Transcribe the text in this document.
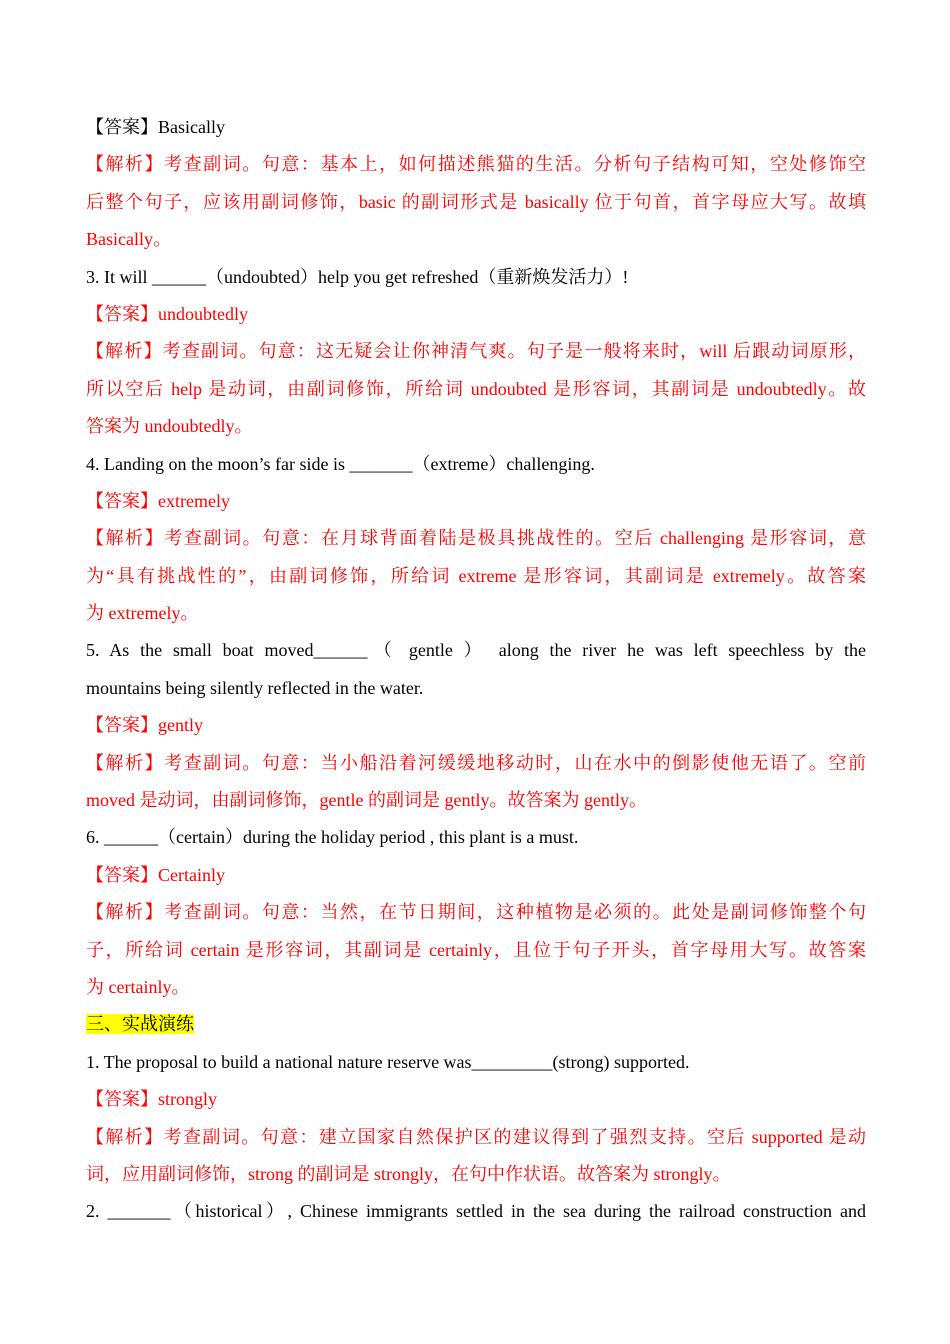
【答案】Basically
【解析】考查副词。句意：基本上，如何描述熊猫的生活。分析句子结构可知，空处修饰空
后整个句子，应该用副词修饰，basic 的副词形式是 basically 位于句首，首字母应大写。故填
Basically。
3. It will ______（undoubted）help you get refreshed（重新焕发活力）!
【答案】undoubtedly
【解析】考查副词。句意：这无疑会让你神清气爽。句子是一般将来时，will 后跟动词原形，
所以空后 help 是动词，由副词修饰，所给词 undoubted 是形容词，其副词是 undoubtedly。故
答案为 undoubtedly。
4. Landing on the moon’s far side is _______（extreme）challenging.
【答案】extremely
【解析】考查副词。句意：在月球背面着陆是极具挑战性的。空后 challenging 是形容词，意
为“具有挑战性的”，由副词修饰，所给词 extreme 是形容词，其副词是 extremely。故答案
为 extremely。
5. As the small boat moved______（ gentle ） along the river he was left speechless by the
mountains being silently reflected in the water.
【答案】gently
【解析】考查副词。句意：当小船沿着河缓缓地移动时，山在水中的倒影使他无语了。空前
moved 是动词，由副词修饰，gentle 的副词是 gently。故答案为 gently。
6. ______（certain）during the holiday period , this plant is a must.
【答案】Certainly
【解析】考查副词。句意：当然，在节日期间，这种植物是必须的。此处是副词修饰整个句
子，所给词 certain 是形容词，其副词是 certainly，且位于句子开头，首字母用大写。故答案
为 certainly。
三、实战演练
1. The proposal to build a national nature reserve was_________(strong) supported.
【答案】strongly
【解析】考查副词。句意：建立国家自然保护区的建议得到了强烈支持。空后 supported 是动
词，应用副词修饰，strong 的副词是 strongly，在句中作状语。故答案为 strongly。
2. _______（historical）, Chinese immigrants settled in the sea during the railroad construction and
